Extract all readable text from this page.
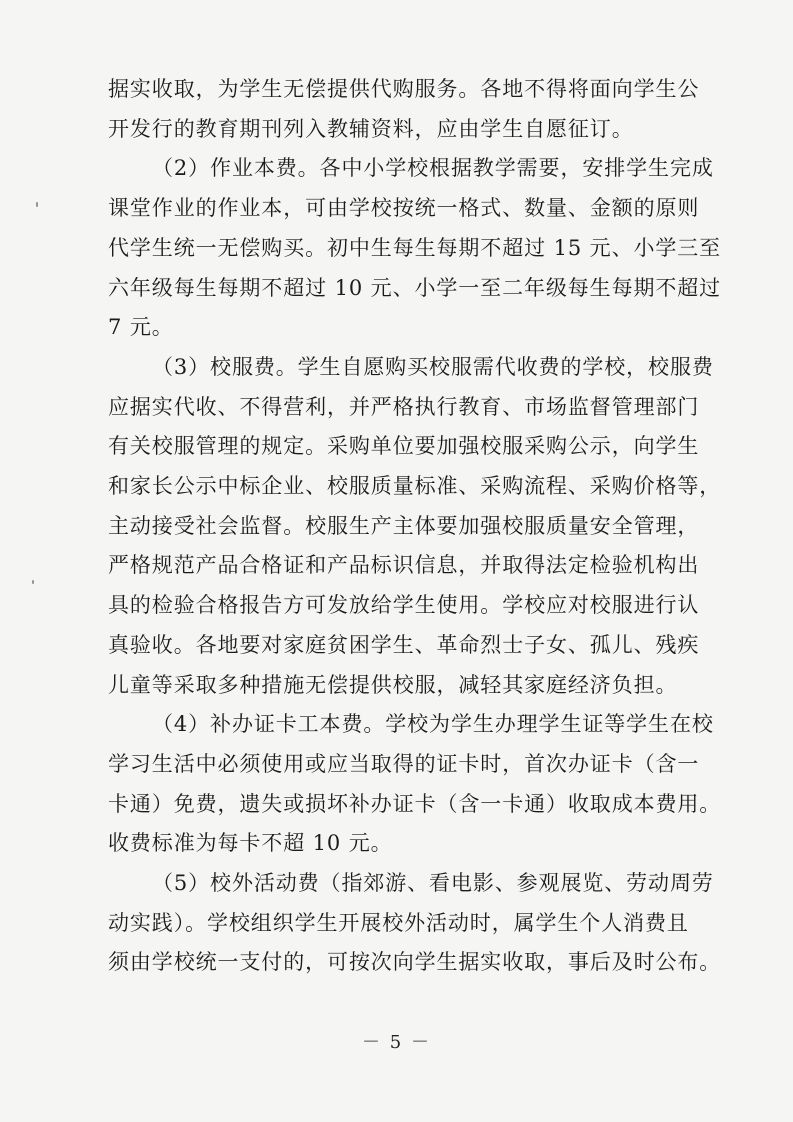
据实收取，为学生无偿提供代购服务。各地不得将面向学生公
开发行的教育期刊列入教辅资料，应由学生自愿征订。
（2）作业本费。各中小学校根据教学需要，安排学生完成
课堂作业的作业本，可由学校按统一格式、数量、金额的原则
代学生统一无偿购买。初中生每生每期不超过 15 元、小学三至
六年级每生每期不超过 10 元、小学一至二年级每生每期不超过
7 元。
（3）校服费。学生自愿购买校服需代收费的学校，校服费
应据实代收、不得营利，并严格执行教育、市场监督管理部门
有关校服管理的规定。采购单位要加强校服采购公示，向学生
和家长公示中标企业、校服质量标准、采购流程、采购价格等，
主动接受社会监督。校服生产主体要加强校服质量安全管理，
严格规范产品合格证和产品标识信息，并取得法定检验机构出
具的检验合格报告方可发放给学生使用。学校应对校服进行认
真验收。各地要对家庭贫困学生、革命烈士子女、孤儿、残疾
儿童等采取多种措施无偿提供校服，减轻其家庭经济负担。
（4）补办证卡工本费。学校为学生办理学生证等学生在校
学习生活中必须使用或应当取得的证卡时，首次办证卡（含一
卡通）免费，遗失或损坏补办证卡（含一卡通）收取成本费用。
收费标准为每卡不超 10 元。
（5）校外活动费（指郊游、看电影、参观展览、劳动周劳
动实践）。学校组织学生开展校外活动时，属学生个人消费且
须由学校统一支付的，可按次向学生据实收取，事后及时公布。
－ 5 －
